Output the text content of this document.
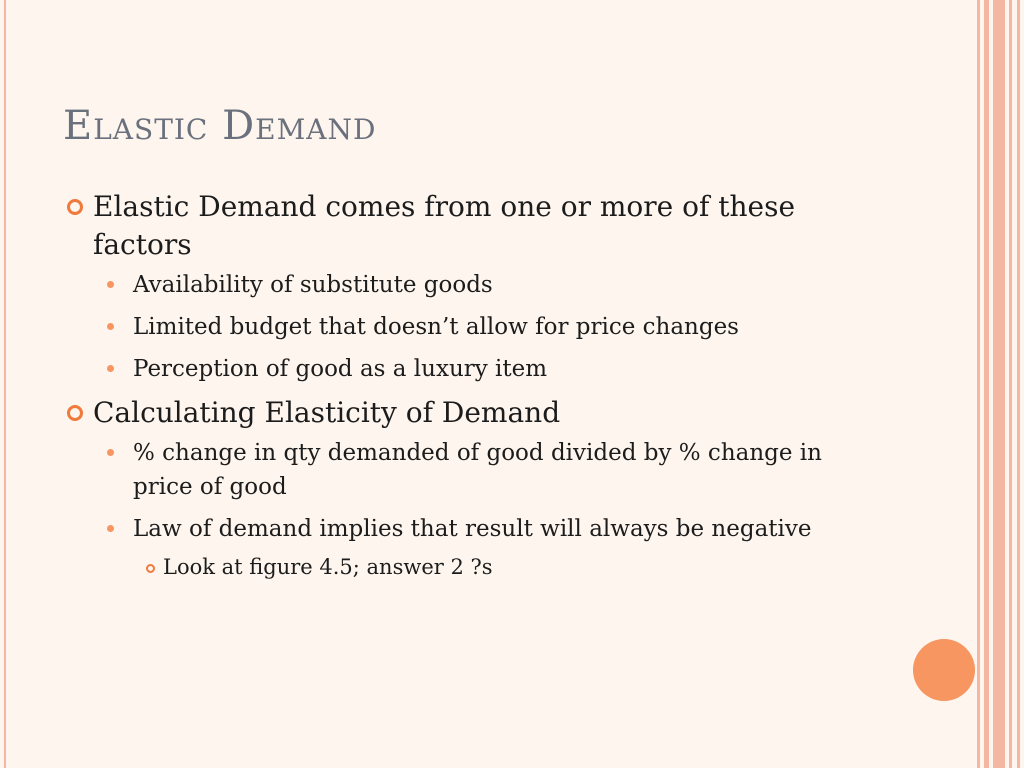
Elastic Demand
Elastic Demand comes from one or more of these factors
Availability of substitute goods
Limited budget that doesn’t allow for price changes
Perception of good as a luxury item
Calculating Elasticity of Demand
% change in qty demanded of good divided by % change in price of good
Law of demand implies that result will always be negative
Look at figure 4.5; answer 2 ?s
